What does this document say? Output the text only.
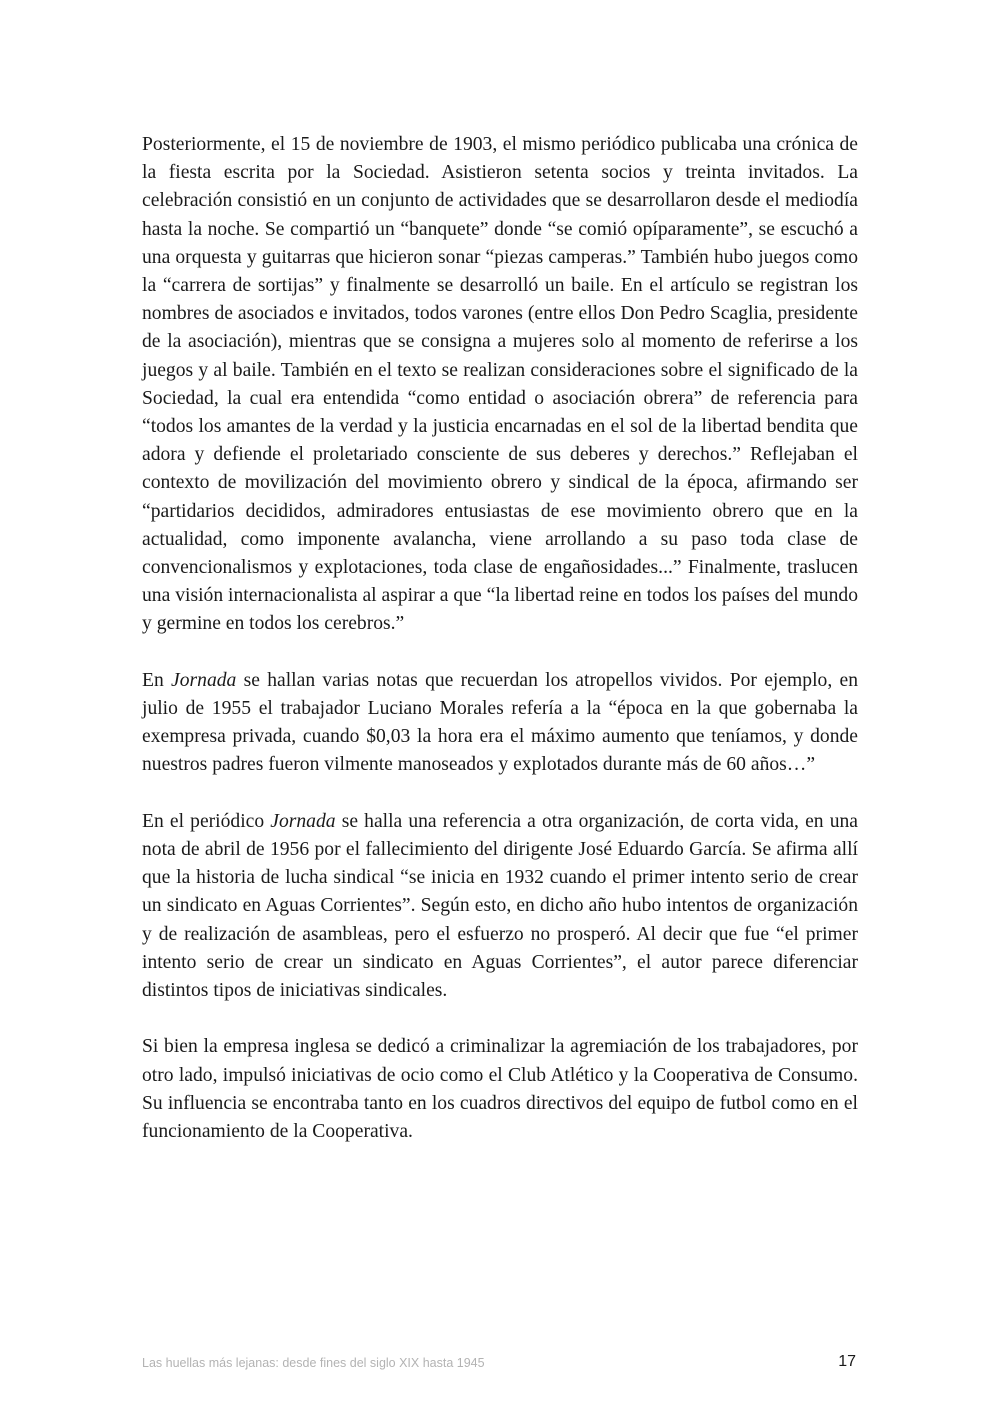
Posteriormente, el 15 de noviembre de 1903, el mismo periódico publicaba una crónica de la fiesta escrita por la Sociedad. Asistieron setenta socios y treinta invitados. La celebración consistió en un conjunto de actividades que se desarrollaron desde el mediodía hasta la noche. Se compartió un “banquete” donde “se comió opíparamente”, se escuchó a una orquesta y guitarras que hicieron sonar “piezas camperas.” También hubo juegos como la “carrera de sortijas” y finalmente se desarrolló un baile. En el artículo se registran los nombres de asociados e invitados, todos varones (entre ellos Don Pedro Scaglia, presidente de la asociación), mientras que se consigna a mujeres solo al momento de referirse a los juegos y al baile. También en el texto se realizan consideraciones sobre el significado de la Sociedad, la cual era entendida “como entidad o asociación obrera” de referencia para “todos los amantes de la verdad y la justicia encarnadas en el sol de la libertad bendita que adora y defiende el proletariado consciente de sus deberes y derechos.” Reflejaban el contexto de movilización del movimiento obrero y sindical de la época, afirmando ser “partidarios decididos, admiradores entusiastas de ese movimiento obrero que en la actualidad, como imponente avalancha, viene arrollando a su paso toda clase de convencionalismos y explotaciones, toda clase de engañosidades...” Finalmente, traslucen una visión internacionalista al aspirar a que “la libertad reine en todos los países del mundo y germine en todos los cerebros.”

En Jornada se hallan varias notas que recuerdan los atropellos vividos. Por ejemplo, en julio de 1955 el trabajador Luciano Morales refería a la “época en la que gobernaba la exempresa privada, cuando $0,03 la hora era el máximo aumento que teníamos, y donde nuestros padres fueron vilmente manoseados y explotados durante más de 60 años…”

En el periódico Jornada se halla una referencia a otra organización, de corta vida, en una nota de abril de 1956 por el fallecimiento del dirigente José Eduardo García. Se afirma allí que la historia de lucha sindical “se inicia en 1932 cuando el primer intento serio de crear un sindicato en Aguas Corrientes”. Según esto, en dicho año hubo intentos de organización y de realización de asambleas, pero el esfuerzo no prosperó. Al decir que fue “el primer intento serio de crear un sindicato en Aguas Corrientes”, el autor parece diferenciar distintos tipos de iniciativas sindicales.

Si bien la empresa inglesa se dedicó a criminalizar la agremiación de los trabajadores, por otro lado, impulsó iniciativas de ocio como el Club Atlético y la Cooperativa de Consumo. Su influencia se encontraba tanto en los cuadros directivos del equipo de futbol como en el funcionamiento de la Cooperativa.

Las huellas más lejanas: desde fines del siglo XIX hasta 1945	17
